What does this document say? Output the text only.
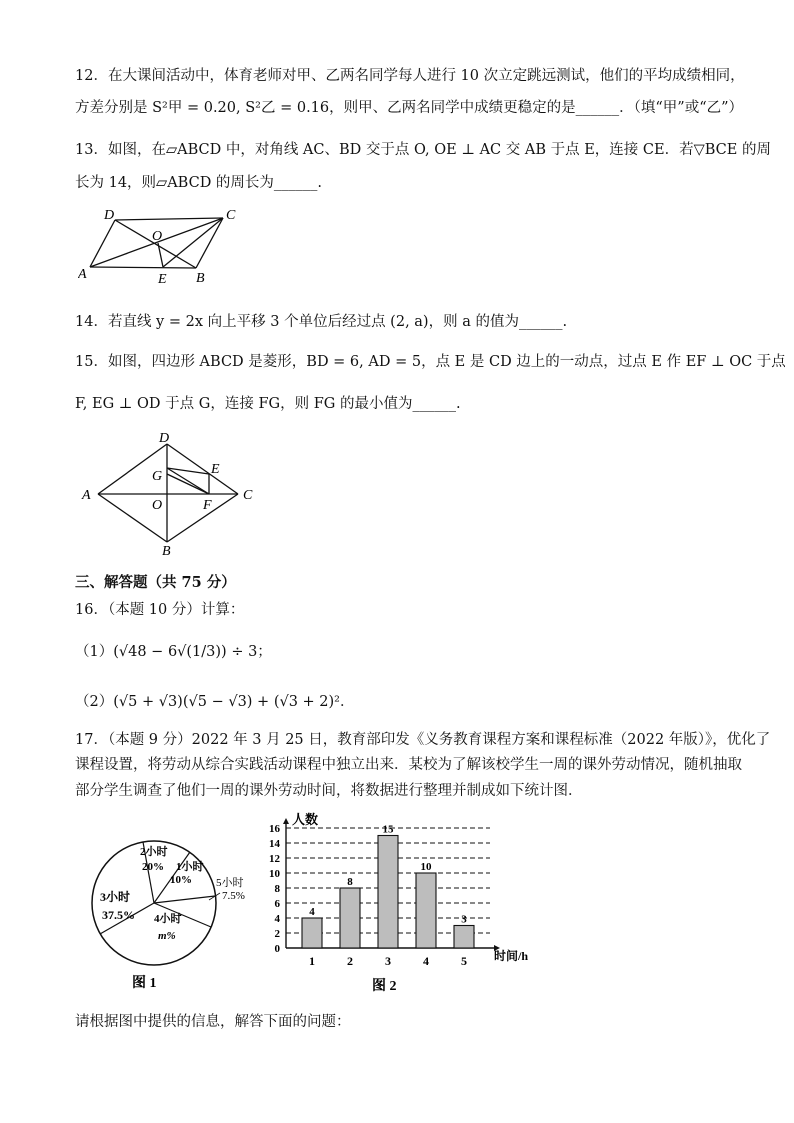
12．在大课间活动中，体育老师对甲、乙两名同学每人进行 10 次立定跳远测试，他们的平均成绩相同，
方差分别是 S²甲 = 0.20, S²乙 = 0.16，则甲、乙两名同学中成绩更稳定的是______．（填“甲”或“乙”）
13．如图，在▱ABCD 中，对角线 AC、BD 交于点 O, OE ⊥ AC 交 AB 于点 E，连接 CE．若▽BCE 的周
长为 14，则▱ABCD 的周长为______.
D	C
O
A	E B
14．若直线 y = 2x 向上平移 3 个单位后经过点 (2, a)，则 a 的值为______.
15．如图，四边形 ABCD 是菱形，BD = 6, AD = 5，点 E 是 CD 边上的一动点，过点 E 作 EF ⊥ OC 于点
F, EG ⊥ OD 于点 G，连接 FG，则 FG 的最小值为______.
D
G	E
A
O	F
C
B
三、解答题（共 75 分）
16．（本题 10 分）计算：
（1）(√48 − 6√(1/3)) ÷ 3；
（2）(√5 + √3)(√5 − √3) + (√3 + 2)²．
17．（本题 9 分）2022 年 3 月 25 日，教育部印发《义务教育课程方案和课程标准（2022 年版）》，优化了
课程设置，将劳动从综合实践活动课程中独立出来．某校为了解该校学生一周的课外劳动情况，随机抽取
部分学生调查了他们一周的课外劳动时间，将数据进行整理并制成如下统计图．
2小时
20% 1小时
10% 5小时
7.5%
4小时
m%
3小时
37.5%
图 1
0
2
4
6
8
10
12
14
16
4
1
8
2
15
3
10
4
3
5
人数
时间/h
图 2
请根据图中提供的信息，解答下面的问题：
